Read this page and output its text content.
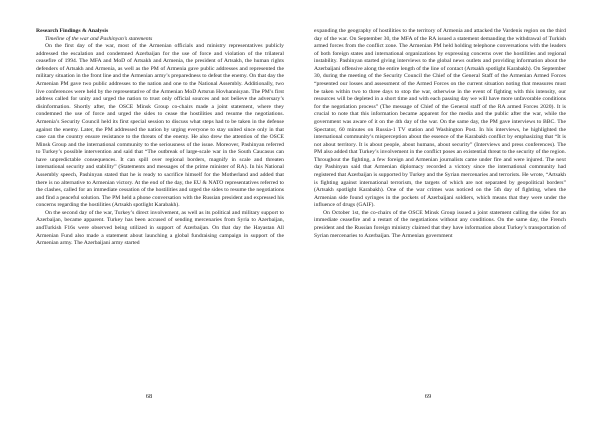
Research Findings & Analysis

Timeline of the war and Pashinyan’s statements

On the first day of the war, most of the Armenian officials and ministry representatives publicly addressed the escalation and condemned Azerbaijan for the use of force and violation of the trilateral ceasefire of 1994. The MFA and MoD of Artsakh and Armenia, the president of Artsakh, the human rights defenders of Artsakh and Armenia, as well as the PM of Armenia gave public addresses and represented the military situation in the front line and the Armenian army’s preparedness to defeat the enemy. On that day the Armenian PM gave two public addresses to the nation and one to the National Assembly. Additionally, two live conferences were held by the representative of the Armenian MoD Artsrun Hovhannisyan. The PM’s first address called for unity and urged the nation to trust only official sources and not believe the adversary’s disinformation. Shortly after, the OSCE Minsk Group co-chairs made a joint statement, where they condemned the use of force and urged the sides to cease the hostilities and resume the negotiations. Armenia’s Security Council held its first special session to discuss what steps had to be taken in the defense against the enemy. Later, the PM addressed the nation by urging everyone to stay united since only in that case can the country ensure resistance to the threats of the enemy. He also drew the attention of the OSCE Minsk Group and the international community to the seriousness of the issue. Moreover, Pashinyan referred to Turkey’s possible intervention and said that “The outbreak of large-scale war in the South Caucasus can have unpredictable consequences. It can spill over regional borders, magnify in scale and threaten international security and stability” (Statements and messages of the prime minister of RA). In his National Assembly speech, Pashinyan stated that he is ready to sacrifice himself for the Motherland and added that there is no alternative to Armenian victory. At the end of the day, the EU & NATO representatives referred to the clashes, called for an immediate cessation of the hostilities and urged the sides to resume the negotiations and find a peaceful solution. The PM held a phone conversation with the Russian president and expressed his concerns regarding the hostilities (Artsakh spotlight Karabakh).

On the second day of the war, Turkey’s direct involvement, as well as its political and military support to Azerbaijan, became apparent. Turkey has been accused of sending mercenaries from Syria to Azerbaijan, andTurkish F16s were observed being utilized in support of Azerbaijan. On that day the Hayastan All Armenian Fund also made a statement about launching a global fundraising campaign in support of the Armenian army. The Azerbaijani army started

68

expanding the geography of hostilities to the territory of Armenia and attacked the Vardenis region on the third day of the war. On September 30, the MFA of the RA issued a statement demanding the withdrawal of Turkish armed forces from the conflict zone. The Armenian PM held holding telephone conversations with the leaders of both foreign states and international organizations by expressing concerns over the hostilities and regional instability. Pashinyan started giving interviews to the global news outlets and providing information about the Azerbaijani offensive along the entire length of the line of contact (Artsakh spotlight Karabakh). On September 30, during the meeting of the Security Council the Chief of the General Staff of the Armenian Armed Forces “presented our losses and assessment of the Armed Forces on the current situation noting that measures must be taken within two to three days to stop the war, otherwise in the event of fighting with this intensity, our resources will be depleted in a short time and with each passing day we will have more unfavorable conditions for the negotiation process” (The message of Chief of the General staff of the RA armed Forces 2020). It is crucial to note that this information became apparent for the media and the public after the war, while the government was aware of it on the 4th day of the war. On the same day, the PM gave interviews to BBC. The Spectator, 60 minutes on Russia-1 TV station and Washington Post. In his interviews, he highlighted the international community’s misperception about the essence of the Karabakh conflict by emphasizing that “It is not about territory. It is about people, about humans, about security” (Interviews and press conferences). The PM also added that Turkey’s involvement in the conflict poses an existential threat to the security of the region. Throughout the fighting, a few foreign and Armenian journalists came under fire and were injured. The next day Pashinyan said that Armenian diplomacy recorded a victory since the international community had registered that Azerbaijan is supported by Turkey and the Syrian mercenaries and terrorists. He wrote, “Artsakh is fighting against international terrorism, the targets of which are not separated by geopolitical borders” (Artsakh spotlight Karabakh). One of the war crimes was noticed on the 5th day of fighting, when the Armenian side found syringes in the pockets of Azerbaijani soldiers, which means that they were under the influence of drugs (GAIF).

On October 1st, the co-chairs of the OSCE Minsk Group issued a joint statement calling the sides for an immediate ceasefire and a restart of the negotiations without any conditions. On the same day, the French president and the Russian foreign ministry claimed that they have information about Turkey’s transportation of Syrian mercenaries to Azerbaijan. The Armenian government

69
